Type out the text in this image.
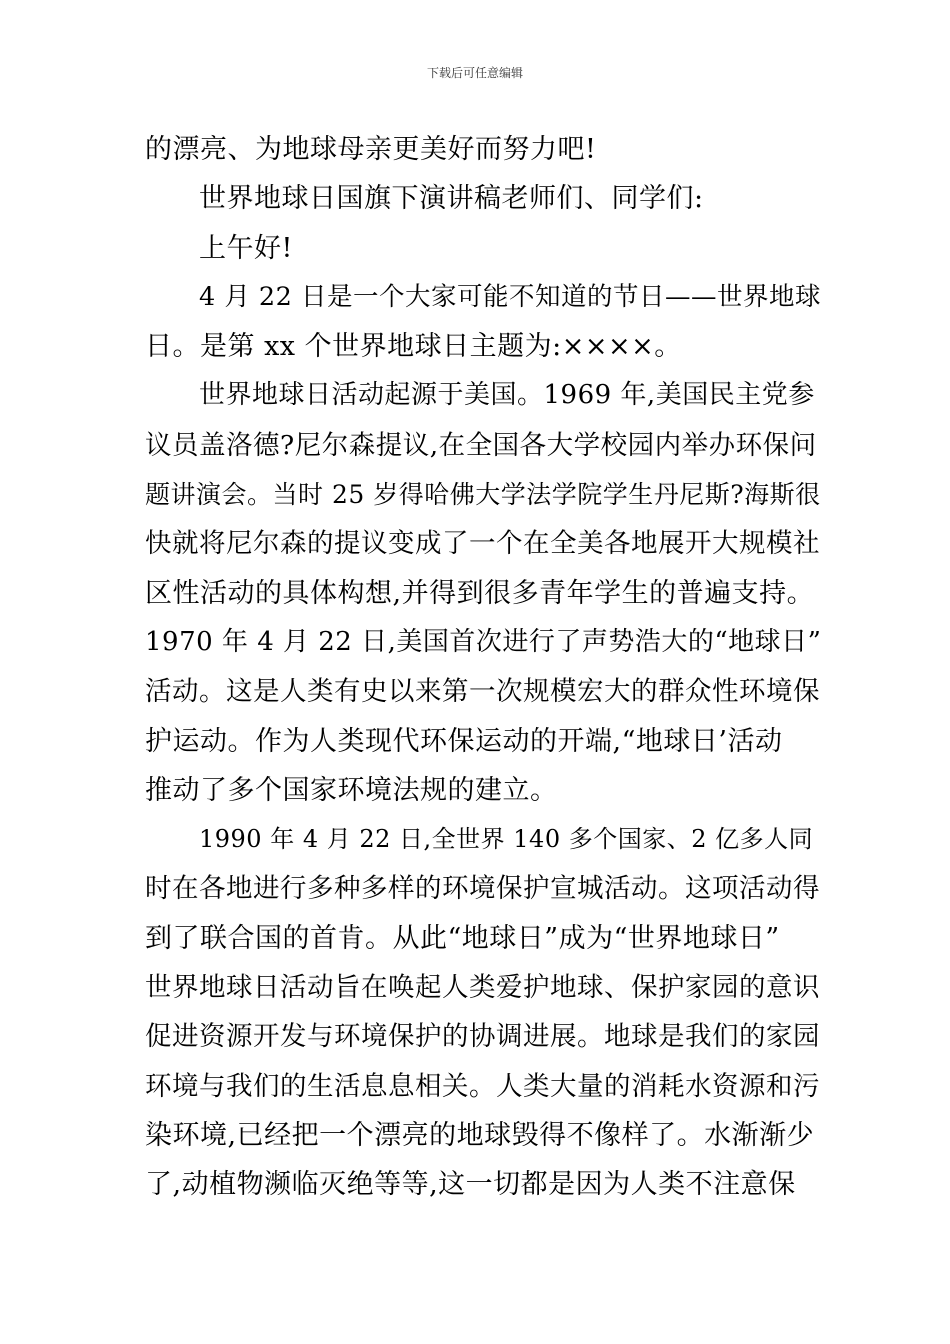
下载后可任意编辑
的漂亮、为地球母亲更美好而努力吧!
世界地球日国旗下演讲稿老师们、同学们:
上午好!
4 月 22 日是一个大家可能不知道的节日——世界地球
日。是第 xx 个世界地球日主题为:××××。
世界地球日活动起源于美国。1969 年,美国民主党参
议员盖洛德?尼尔森提议,在全国各大学校园内举办环保问
题讲演会。当时 25 岁得哈佛大学法学院学生丹尼斯?海斯很
快就将尼尔森的提议变成了一个在全美各地展开大规模社
区性活动的具体构想,并得到很多青年学生的普遍支持。
1970 年 4 月 22 日,美国首次进行了声势浩大的“地球日”
活动。这是人类有史以来第一次规模宏大的群众性环境保
护运动。作为人类现代环保运动的开端,“地球日’活动
推动了多个国家环境法规的建立。
1990 年 4 月 22 日,全世界 140 多个国家、2 亿多人同
时在各地进行多种多样的环境保护宣城活动。这项活动得
到了联合国的首肯。从此“地球日”成为“世界地球日”
世界地球日活动旨在唤起人类爱护地球、保护家园的意识
促进资源开发与环境保护的协调进展。地球是我们的家园
环境与我们的生活息息相关。人类大量的消耗水资源和污
染环境,已经把一个漂亮的地球毁得不像样了。水渐渐少
了,动植物濒临灭绝等等,这一切都是因为人类不注意保
